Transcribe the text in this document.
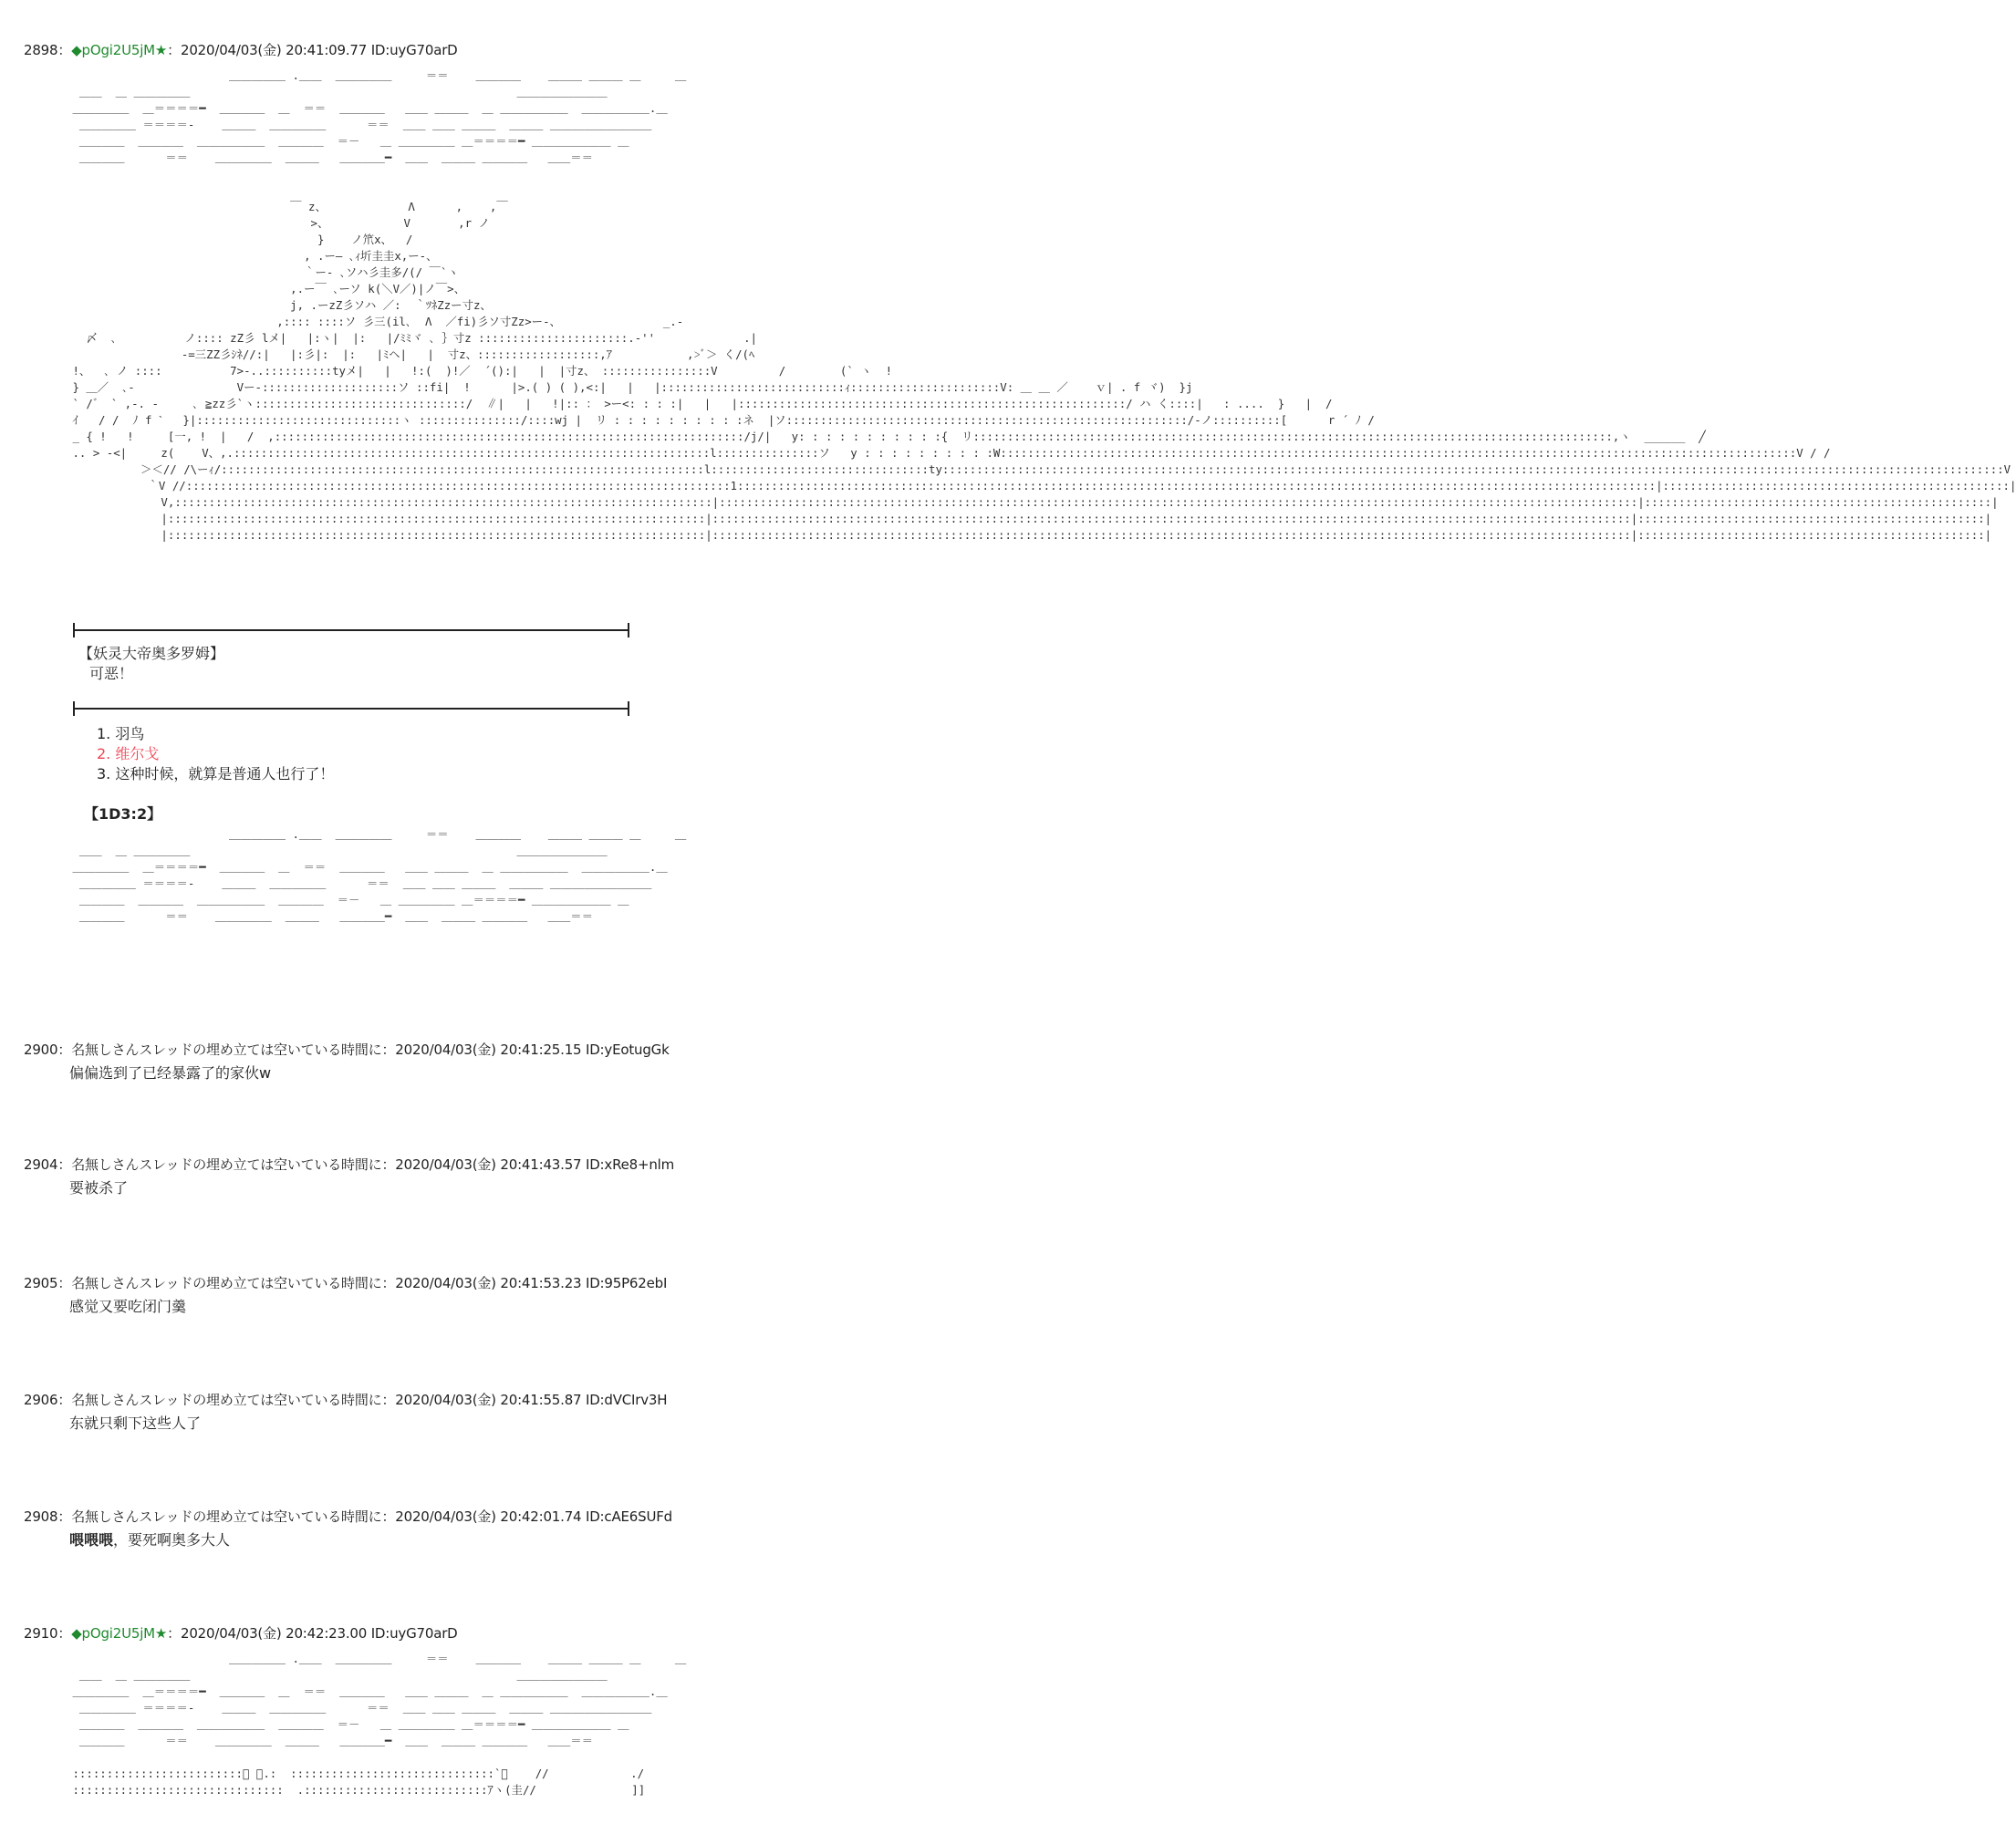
2898：◆pOgi2U5jM★：2020/04/03(金) 20:41:09.77 ID:uyG70arD
＿＿＿＿＿ .＿＿  ＿＿＿＿＿     ＝＝    ＿＿＿＿    ＿＿＿ ＿＿＿ ＿     ＿
＿＿  ＿ ＿＿＿＿＿                                                ＿＿＿＿＿＿＿＿
＿＿＿＿＿  ＿＝＝＝＝━  ＿＿＿＿  ＿  ＝＝  ＿＿＿＿   ＿＿ ＿＿＿  ＿ ＿＿＿＿＿＿  ＿＿＿＿＿＿.＿
＿＿＿＿＿ ＝＝＝＝-    ＿＿＿  ＿＿＿＿＿      ＝＝  ＿＿ ＿＿ ＿＿＿  ＿＿＿ ＿＿＿＿＿＿＿＿＿
＿＿＿＿  ＿＿＿＿  ＿＿＿＿＿＿  ＿＿＿＿  ＝－   ＿ ＿＿＿＿＿ ＿＝＝＝＝━ ＿＿＿＿＿＿＿ ＿
＿＿＿＿      ＝＝    ＿＿＿＿＿  ＿＿＿   ＿＿＿＿━  ＿＿  ＿＿＿ ＿＿＿＿   ＿＿＝＝

￣ z、            Λ      ,    ,￣
>、           V       ,r ノ
}    ノ笊x、  /
, .ー― ､ｨ圻圭圭x,ー-、
｀ー- ､ソハ彡圭多/(/ ￣`ヽ
,.ー￣ ､ーソ k(＼V／)|ノ￣>、
j, .ーzZ彡ソハ ／:  ｀ﾂﾈZzー寸z、
,:::: ::::ソ 彡三(il､  Λ  ／fi)彡ソ寸Zz>ー-、               _.-
〆  ､          ノ:::: zZ彡 lメ|   |:ヽ|  |:   |/ﾐﾐヾ ､ ｝寸z ::::::::::::::::::::::.‐''             .|
-=三ZZ彡ｼﾈ//:|   |:彡|:  |:   |ﾐヘ|   |  寸z、::::::::::::::::::,ｱ           ,>ﾞ＞ く/(ﾍ
!、  ､ ノ ::::          7>-..::::::::::tyメ|   |   !:(  )!／  ´():|   |  |寸z、 ::::::::::::::::V         /        (` ヽ  !
} ＿／  ､-               Vー-::::::::::::::::::::ソ ::fi|  !      |>.( ) ( ),<:|   |   |:::::::::::::::::::::::::::ｨ::::::::::::::::::::::V: ＿ ＿ ／    ｖ| . f ヾ)  }j
` /゛ ` ,-. -     ､ ≧zz彡`ヽ:::::::::::::::::::::::::::::::/  ∥|   |   !|:: ： >ー<: : : :|   |   |:::::::::::::::::::::::::::::::::::::::::::::::::::::::::/ ハ く::::|   : ....  }   |  /
ｲ   / /  ﾉ f ˋ   }|::::::::::::::::::::::::::::::ヽ :::::::::::::::/::::wj |  リ : : : : : : : : : :ネ  |ソ:::::::::::::::::::::::::::::::::::::::::::::::::::::::::::/-ノ::::::::::[      r ´ ﾉ /
_ { !   !     [一, !  |   /  ,:::::::::::::::::::::::::::::::::::::::::::::::::::::::::::::::::::::/j/|   y: : : : : : : : : : :{  リ::::::::::::::::::::::::::::::::::::::::::::::::::::::::::::::::::::::::::::::::::::::::::::::,ヽ  ______  ╱
.. > -<|     z(    V、,.::::::::::::::::::::::::::::::::::::::::::::::::::::::::::::::::::::::l:::::::::::::::ソ   y : : : : : : : : : :W:::::::::::::::::::::::::::::::::::::::::::::::::::::::::::::::::::::::::::::::::::::::::::::::::::::::::::::::::::::V / /
＞＜// /\ーｨ/:::::::::::::::::::::::::::::::::::::::::::::::::::::::::::::::::::::::l::::::::::::::::::::::::::::::::ty::::::::::::::::::::::::::::::::::::::::::::::::::::::::::::::::::::::::::::::::::::::::::::::::::::::::::::::::::::::::::::::::::::::::::::::::::::::::::::V
｀V //::::::::::::::::::::::::::::::::::::::::::::::::::::::::::::::::::::::::::::::::1:::::::::::::::::::::::::::::::::::::::::::::::::::::::::::::::::::::::::::::::::::::::::::::::::::::::::::::::::::::::::::::::::::::::|:::::::::::::::::::::::::::::::::::::::::::::::::::|
V,:::::::::::::::::::::::::::::::::::::::::::::::::::::::::::::::::::::::::::::::|:::::::::::::::::::::::::::::::::::::::::::::::::::::::::::::::::::::::::::::::::::::::::::::::::::::::::::::::::::::::::::::::::::::::|:::::::::::::::::::::::::::::::::::::::::::::::::::|
|:::::::::::::::::::::::::::::::::::::::::::::::::::::::::::::::::::::::::::::::|:::::::::::::::::::::::::::::::::::::::::::::::::::::::::::::::::::::::::::::::::::::::::::::::::::::::::::::::::::::::::::::::::::::::|:::::::::::::::::::::::::::::::::::::::::::::::::::|
|:::::::::::::::::::::::::::::::::::::::::::::::::::::::::::::::::::::::::::::::|:::::::::::::::::::::::::::::::::::::::::::::::::::::::::::::::::::::::::::::::::::::::::::::::::::::::::::::::::::::::::::::::::::::::|:::::::::::::::::::::::::::::::::::::::::::::::::::|

【妖灵大帝奥多罗姆】
可恶！
1. 羽鸟
2. 维尔戈
3. 这种时候，就算是普通人也行了！
【1D3:2】
＿＿＿＿＿ .＿＿  ＿＿＿＿＿     ＝＝    ＿＿＿＿    ＿＿＿ ＿＿＿ ＿     ＿
＿＿  ＿ ＿＿＿＿＿                                                ＿＿＿＿＿＿＿＿
＿＿＿＿＿  ＿＝＝＝＝━  ＿＿＿＿  ＿  ＝＝  ＿＿＿＿   ＿＿ ＿＿＿  ＿ ＿＿＿＿＿＿  ＿＿＿＿＿＿.＿
＿＿＿＿＿ ＝＝＝＝-    ＿＿＿  ＿＿＿＿＿      ＝＝  ＿＿ ＿＿ ＿＿＿  ＿＿＿ ＿＿＿＿＿＿＿＿＿
＿＿＿＿  ＿＿＿＿  ＿＿＿＿＿＿  ＿＿＿＿  ＝－   ＿ ＿＿＿＿＿ ＿＝＝＝＝━ ＿＿＿＿＿＿＿ ＿
＿＿＿＿      ＝＝    ＿＿＿＿＿  ＿＿＿   ＿＿＿＿━  ＿＿  ＿＿＿ ＿＿＿＿   ＿＿＝＝

2900：名無しさんスレッドの埋め立ては空いている時間に：2020/04/03(金) 20:41:25.15 ID:yEotugGk
偏偏选到了已经暴露了的家伙w
2904：名無しさんスレッドの埋め立ては空いている時間に：2020/04/03(金) 20:41:43.57 ID:xRe8+nlm
要被杀了
2905：名無しさんスレッドの埋め立ては空いている時間に：2020/04/03(金) 20:41:53.23 ID:95P62ebI
感觉又要吃闭门羹
2906：名無しさんスレッドの埋め立ては空いている時間に：2020/04/03(金) 20:41:55.87 ID:dVCIrv3H
东就只剩下这些人了
2908：名無しさんスレッドの埋め立ては空いている時間に：2020/04/03(金) 20:42:01.74 ID:cAE6SUFd
喂喂喂，要死啊奥多大人
2910：◆pOgi2U5jM★：2020/04/03(金) 20:42:23.00 ID:uyG70arD
＿＿＿＿＿ .＿＿  ＿＿＿＿＿     ＝＝    ＿＿＿＿    ＿＿＿ ＿＿＿ ＿     ＿
＿＿  ＿ ＿＿＿＿＿                                                ＿＿＿＿＿＿＿＿
＿＿＿＿＿  ＿＝＝＝＝━  ＿＿＿＿  ＿  ＝＝  ＿＿＿＿   ＿＿ ＿＿＿  ＿ ＿＿＿＿＿＿  ＿＿＿＿＿＿.＿
＿＿＿＿＿ ＝＝＝＝-    ＿＿＿  ＿＿＿＿＿      ＝＝  ＿＿ ＿＿ ＿＿＿  ＿＿＿ ＿＿＿＿＿＿＿＿＿
＿＿＿＿  ＿＿＿＿  ＿＿＿＿＿＿  ＿＿＿＿  ＝－   ＿ ＿＿＿＿＿ ＿＝＝＝＝━ ＿＿＿＿＿＿＿ ＿
＿＿＿＿      ＝＝    ＿＿＿＿＿  ＿＿＿   ＿＿＿＿━  ＿＿  ＿＿＿ ＿＿＿＿   ＿＿＝＝

:::::::::::::::::::::::::ﾟ 、.:  ::::::::::::::::::::::::::::::`＼    //            ./
:::::::::::::::::::::::::::::::  .:::::::::::::::::::::::::::ｱヽ(圭//              ]]
